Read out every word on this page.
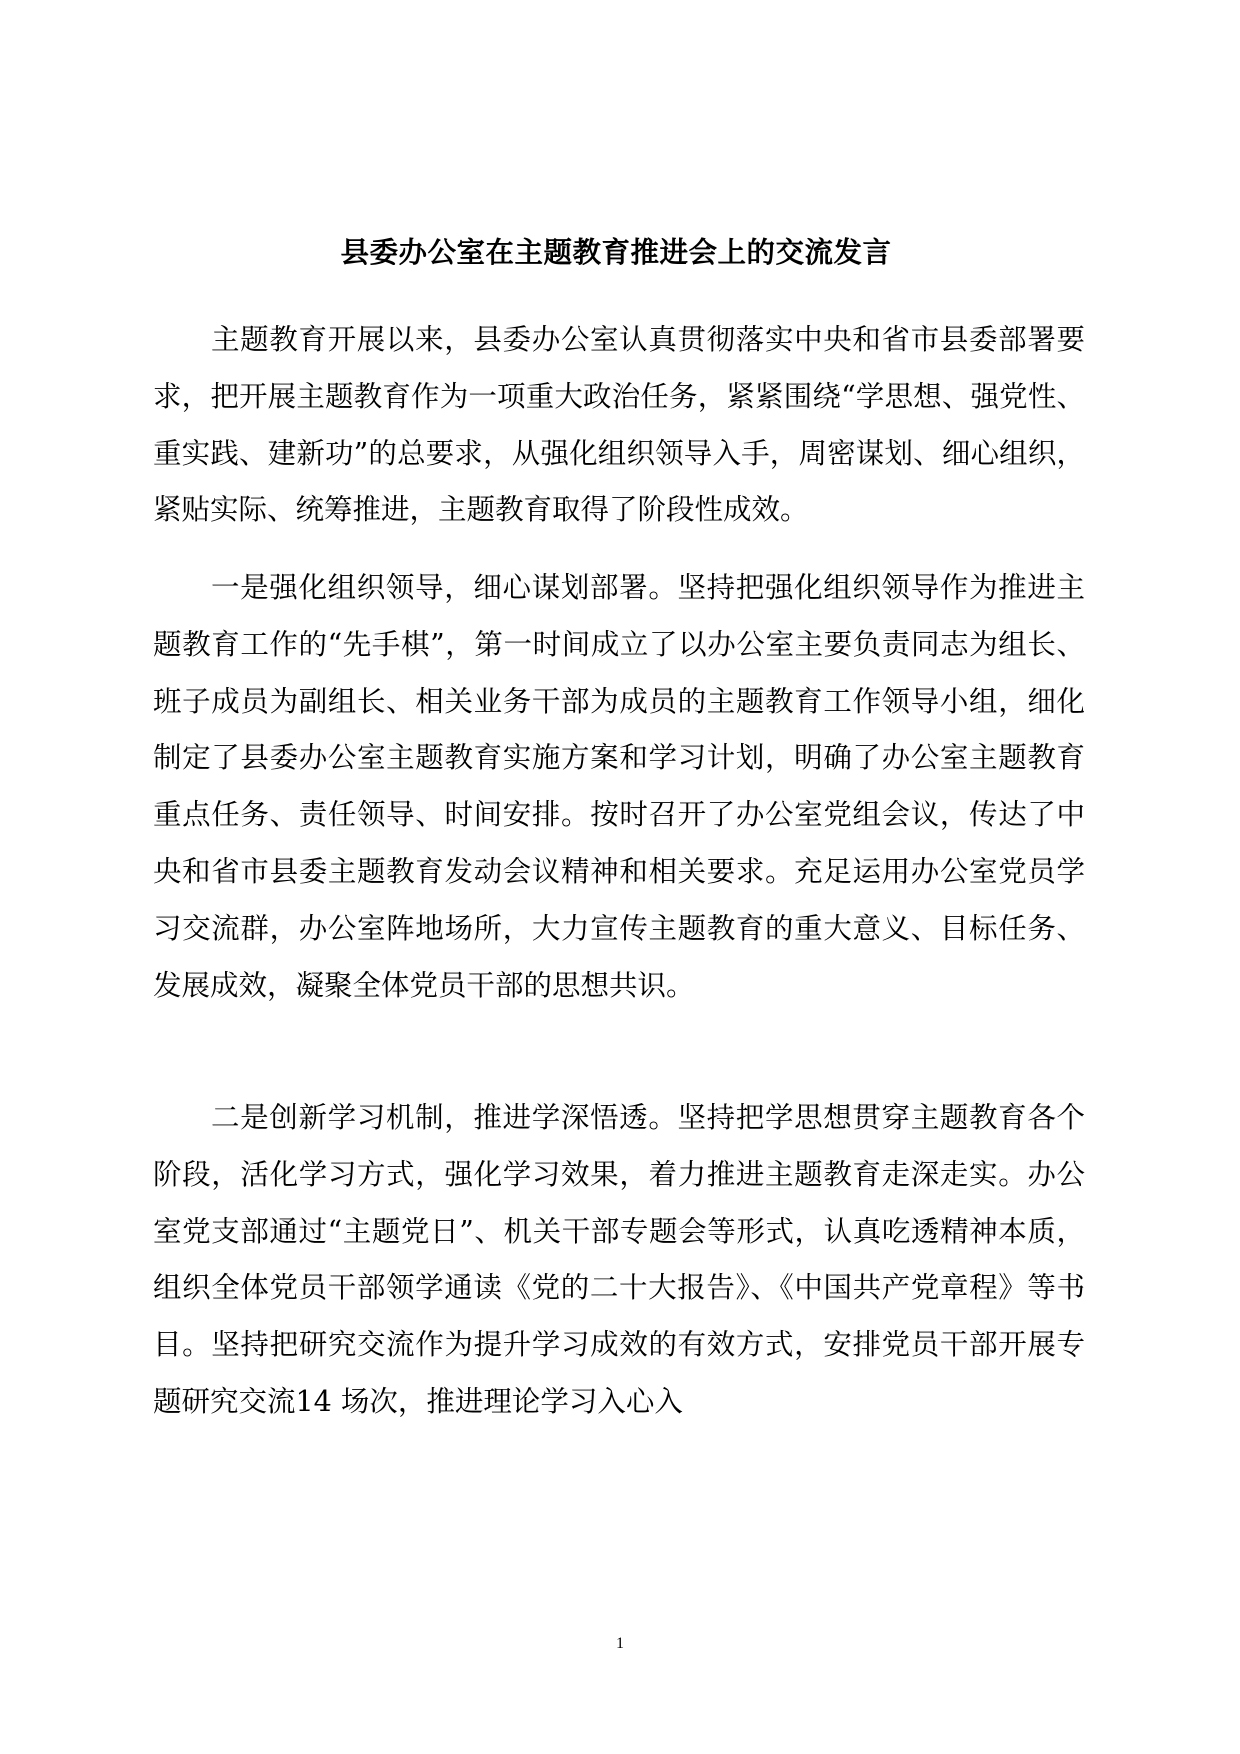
县委办公室在主题教育推进会上的交流发言

主题教育开展以来，县委办公室认真贯彻落实中央和省市县委部署要求，把开展主题教育作为一项重大政治任务，紧紧围绕“学思想、强党性、重实践、建新功”的总要求，从强化组织领导入手，周密谋划、细心组织，紧贴实际、统筹推进，主题教育取得了阶段性成效。

一是强化组织领导，细心谋划部署。坚持把强化组织领导作为推进主题教育工作的“先手棋”，第一时间成立了以办公室主要负责同志为组长、班子成员为副组长、相关业务干部为成员的主题教育工作领导小组，细化制定了县委办公室主题教育实施方案和学习计划，明确了办公室主题教育重点任务、责任领导、时间安排。按时召开了办公室党组会议，传达了中央和省市县委主题教育发动会议精神和相关要求。充足运用办公室党员学习交流群，办公室阵地场所，大力宣传主题教育的重大意义、目标任务、发展成效，凝聚全体党员干部的思想共识。

二是创新学习机制，推进学深悟透。坚持把学思想贯穿主题教育各个阶段，活化学习方式，强化学习效果，着力推进主题教育走深走实。办公室党支部通过“主题党日”、机关干部专题会等形式，认真吃透精神本质，组织全体党员干部领学通读《党的二十大报告》、《中国共产党章程》等书目。坚持把研究交流作为提升学习成效的有效方式，安排党员干部开展专题研究交流14 场次，推进理论学习入心入

1
